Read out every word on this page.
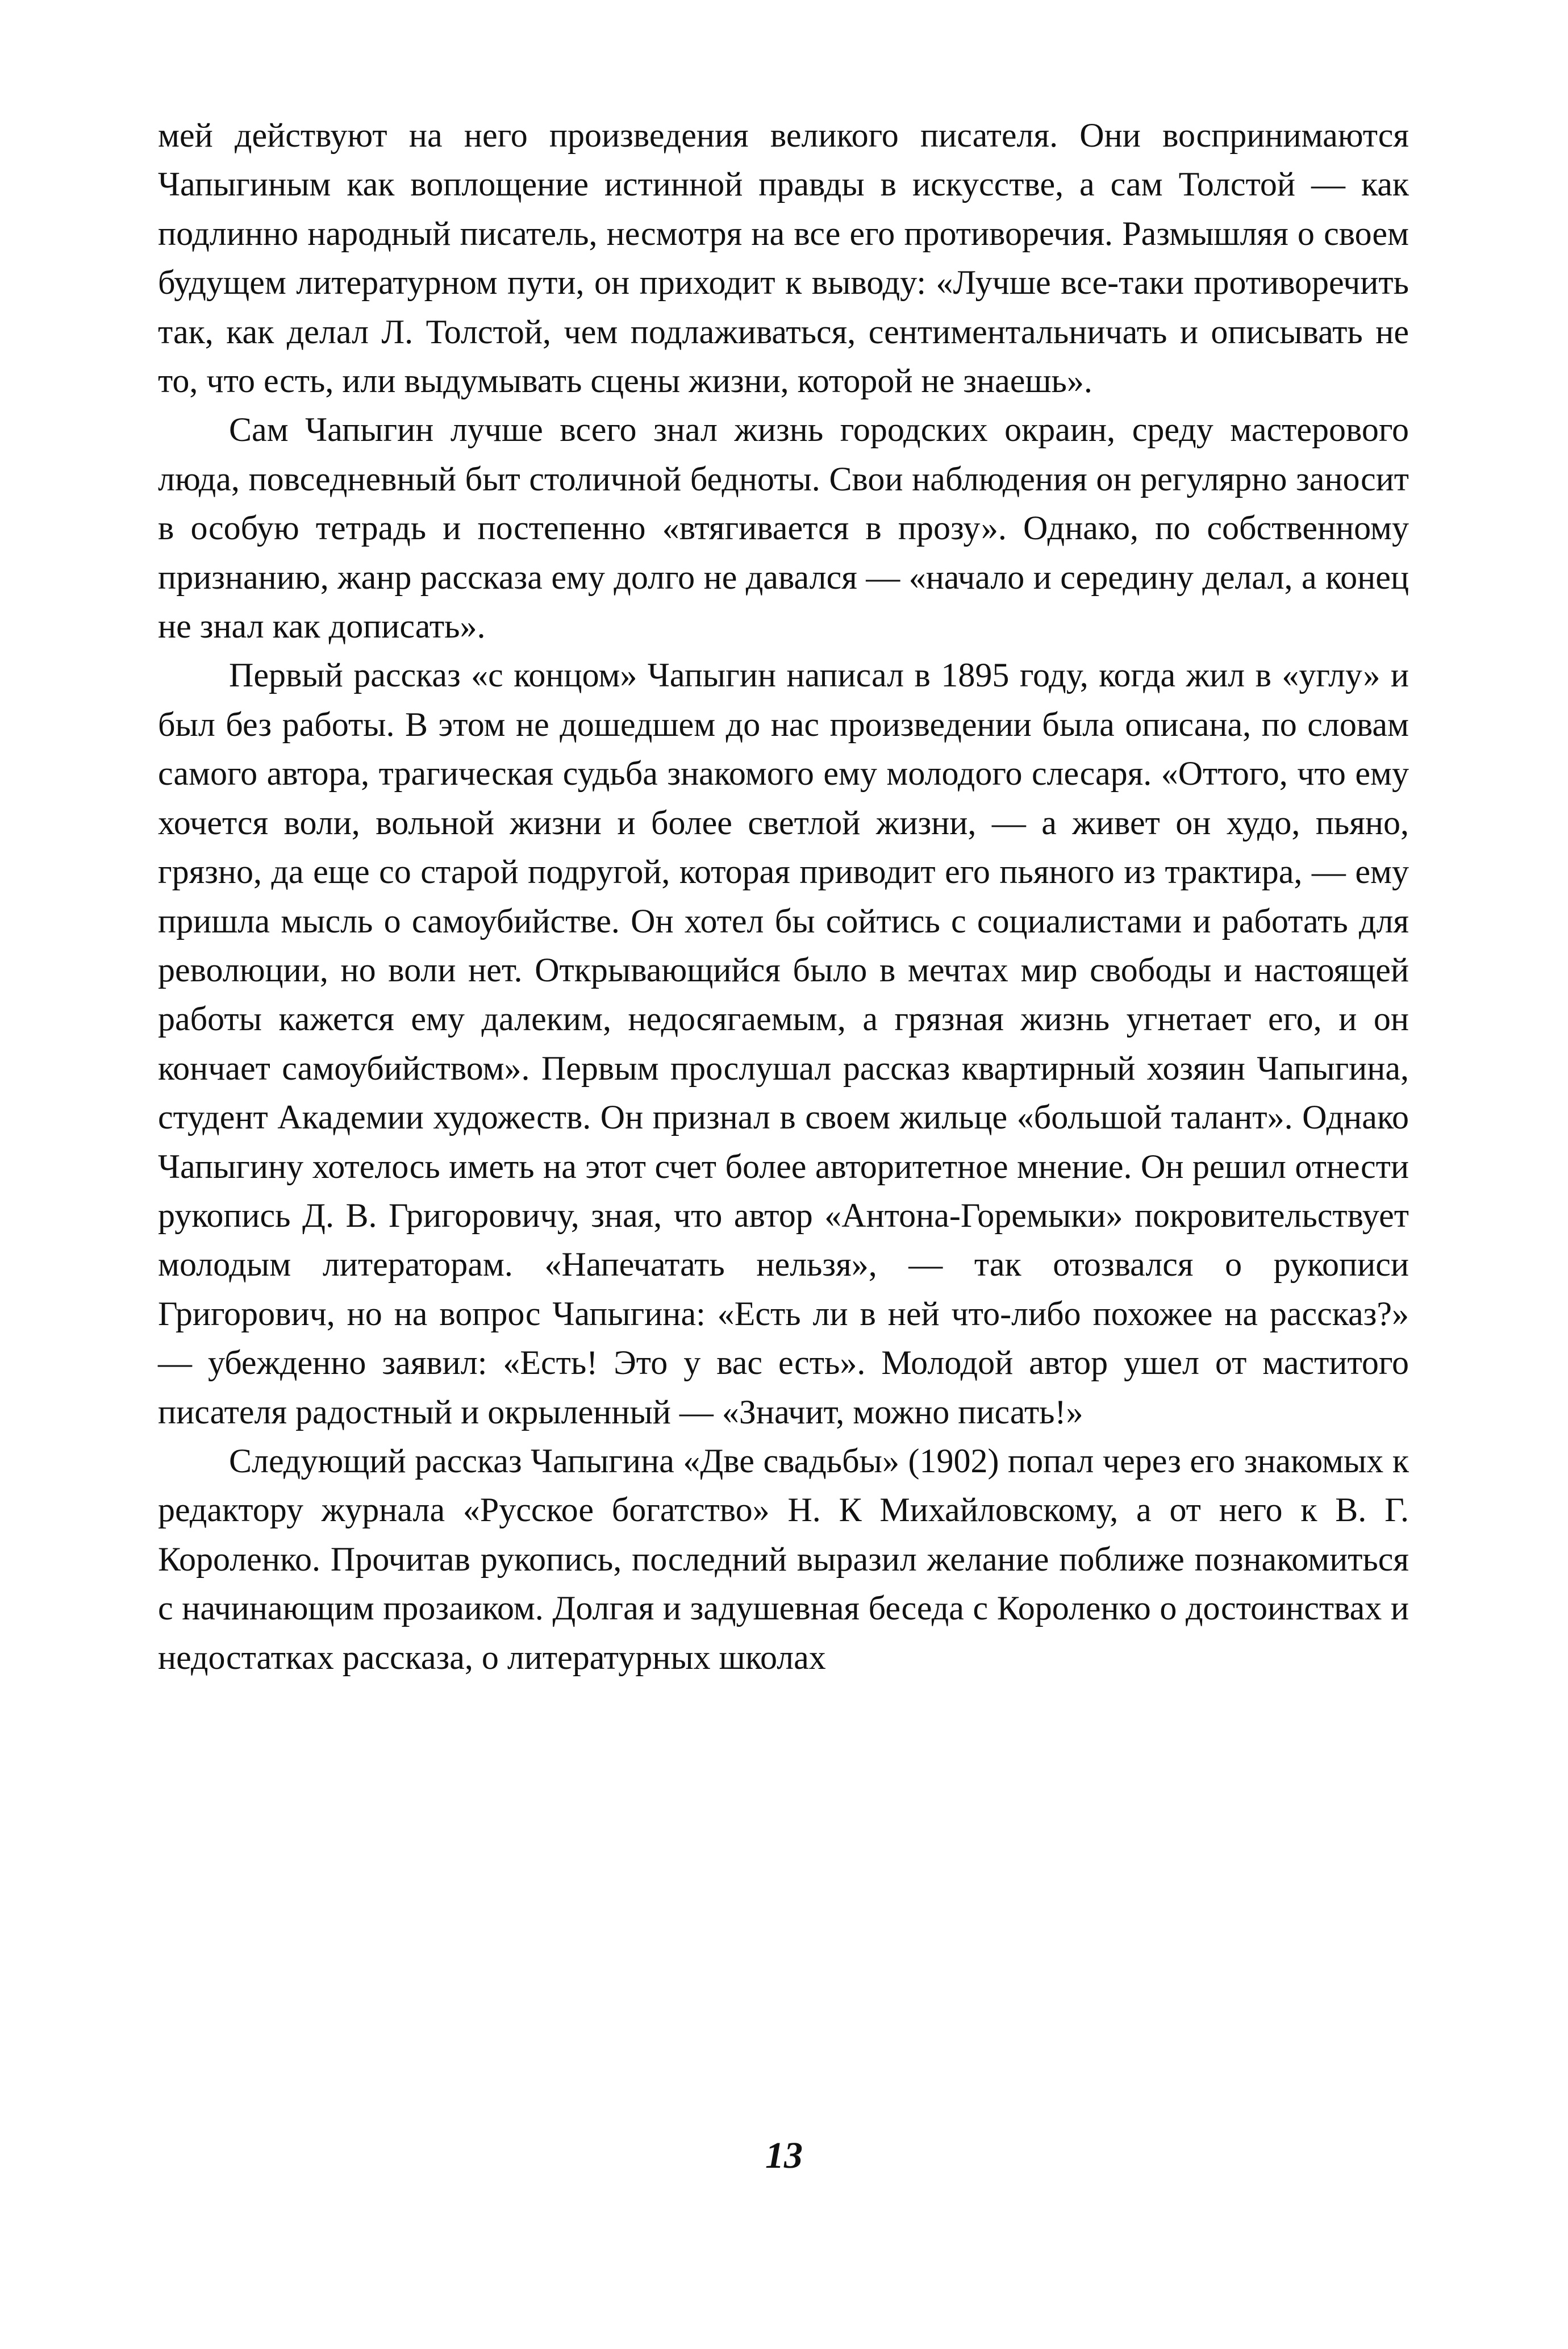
мей действуют на него произведения великого писателя. Они воспринимаются Чапыгиным как воплощение истинной правды в искусстве, а сам Толстой — как подлинно народный писатель, несмотря на все его противоречия. Размышляя о своем будущем литературном пути, он приходит к выводу: «Лучше все-таки противоречить так, как делал Л. Толстой, чем подлаживаться, сентиментальничать и описывать не то, что есть, или выдумывать сцены жизни, которой не знаешь».

Сам Чапыгин лучше всего знал жизнь городских окраин, среду мастерового люда, повседневный быт столичной бедноты. Свои наблюдения он регулярно заносит в особую тетрадь и постепенно «втягивается в прозу». Однако, по собственному признанию, жанр рассказа ему долго не давался — «начало и середину делал, а конец не знал как дописать».

Первый рассказ «с концом» Чапыгин написал в 1895 году, когда жил в «углу» и был без работы. В этом не дошедшем до нас произведении была описана, по словам самого автора, трагическая судьба знакомого ему молодого слесаря. «Оттого, что ему хочется воли, вольной жизни и более светлой жизни, — а живет он худо, пьяно, грязно, да еще со старой подругой, которая приводит его пьяного из трактира, — ему пришла мысль о самоубийстве. Он хотел бы сойтись с социалистами и работать для революции, но воли нет. Открывающийся было в мечтах мир свободы и настоящей работы кажется ему далеким, недосягаемым, а грязная жизнь угнетает его, и он кончает самоубийством». Первым прослушал рассказ квартирный хозяин Чапыгина, студент Академии художеств. Он признал в своем жильце «большой талант». Однако Чапыгину хотелось иметь на этот счет более авторитетное мнение. Он решил отнести рукопись Д. В. Григоровичу, зная, что автор «Антона-Горемыки» покровительствует молодым литераторам. «Напечатать нельзя», — так отозвался о рукописи Григорович, но на вопрос Чапыгина: «Есть ли в ней что-либо похожее на рассказ?» — убежденно заявил: «Есть! Это у вас есть». Молодой автор ушел от маститого писателя радостный и окрыленный — «Значит, можно писать!»

Следующий рассказ Чапыгина «Две свадьбы» (1902) попал через его знакомых к редактору журнала «Русское богатство» Н. К Михайловскому, а от него к В. Г. Короленко. Прочитав рукопись, последний выразил желание поближе познакомиться с начинающим прозаиком. Долгая и задушевная беседа с Короленко о достоинствах и недостатках рассказа, о литературных школах

13
